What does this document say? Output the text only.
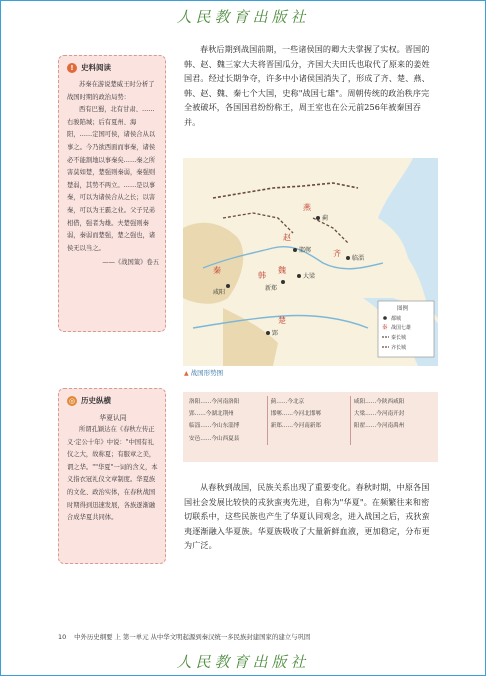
人民教育出版社
! 史料阅读

苏秦在游说楚威王时分析了战国时期的政治局势：

西有巴蜀，北有甘肃、……右骏陷城；后有夏州、海阳，……定国可侯，诸侯合从以事之。今乃欲西面而事秦，诸侯必不能割地以事秦矣……秦之所害莫如楚，楚强则秦弱，秦强则楚弱，其势不两立。……是以事秦，可以为诸侯合从之长；以害秦，可以为王霸之业。父子兄弟相借，强者为雄。夫楚强则秦弱，秦弱而楚强，楚之强也，诸侯无以当之。

——《战国策》卷五
◎ 历史纵横
华夏认同

所谓孔颖达在《春秋左传正义·定公十年》中说："中国有礼仪之大，故称夏；有服章之美，谓之华。""华夏"一词的含义，本义指衣冠礼仪文章制度。华夏族的文化、政治实体，在春秋战国时期得到迅速发展，各族逐渐融合成华夏共同体。

春秋后期到战国前期，一些诸侯国的卿大夫掌握了实权。晋国的韩、赵、魏三家大夫将晋国瓜分，齐国大夫田氏也取代了原来的姜姓国君。经过长期争夺，许多中小诸侯国消失了，形成了齐、楚、燕、韩、赵、魏、秦七个大国，史称"战国七雄"。周朝传统的政治秩序完全被破坏，各国国君纷纷称王，周王室也在公元前256年被秦国吞并。

燕
赵
魏
韩
齐
秦
楚
蓟
邯郸
大梁
临淄
新郑
咸阳
郢
图例
都城
秦 战国七雄
秦长城
齐长城
▲ 战国形势图
洛阳……今河南洛阳	蓟……今北京	咸阳……今陕西咸阳
郢……今湖北荆州	邯郸……今河北邯郸	大梁……今河南开封
临淄……今山东淄博	新郑……今河南新郑	阳翟……今河南禹州
安邑……今山西夏县		

从春秋到战国，民族关系出现了重要变化。春秋时期，中原各国国社会发展比较快的戎狄蛮夷先进，自称为"华夏"。在频繁往来和密切联系中，这些民族也产生了华夏认同观念，进入战国之后，戎狄蛮夷逐渐融入华夏族。华夏族吸收了大量新鲜血液，更加稳定，分布更为广泛。

10 中外历史纲要 上 第一单元 从中华文明起源到秦汉统一多民族封建国家的建立与巩固
人民教育出版社
